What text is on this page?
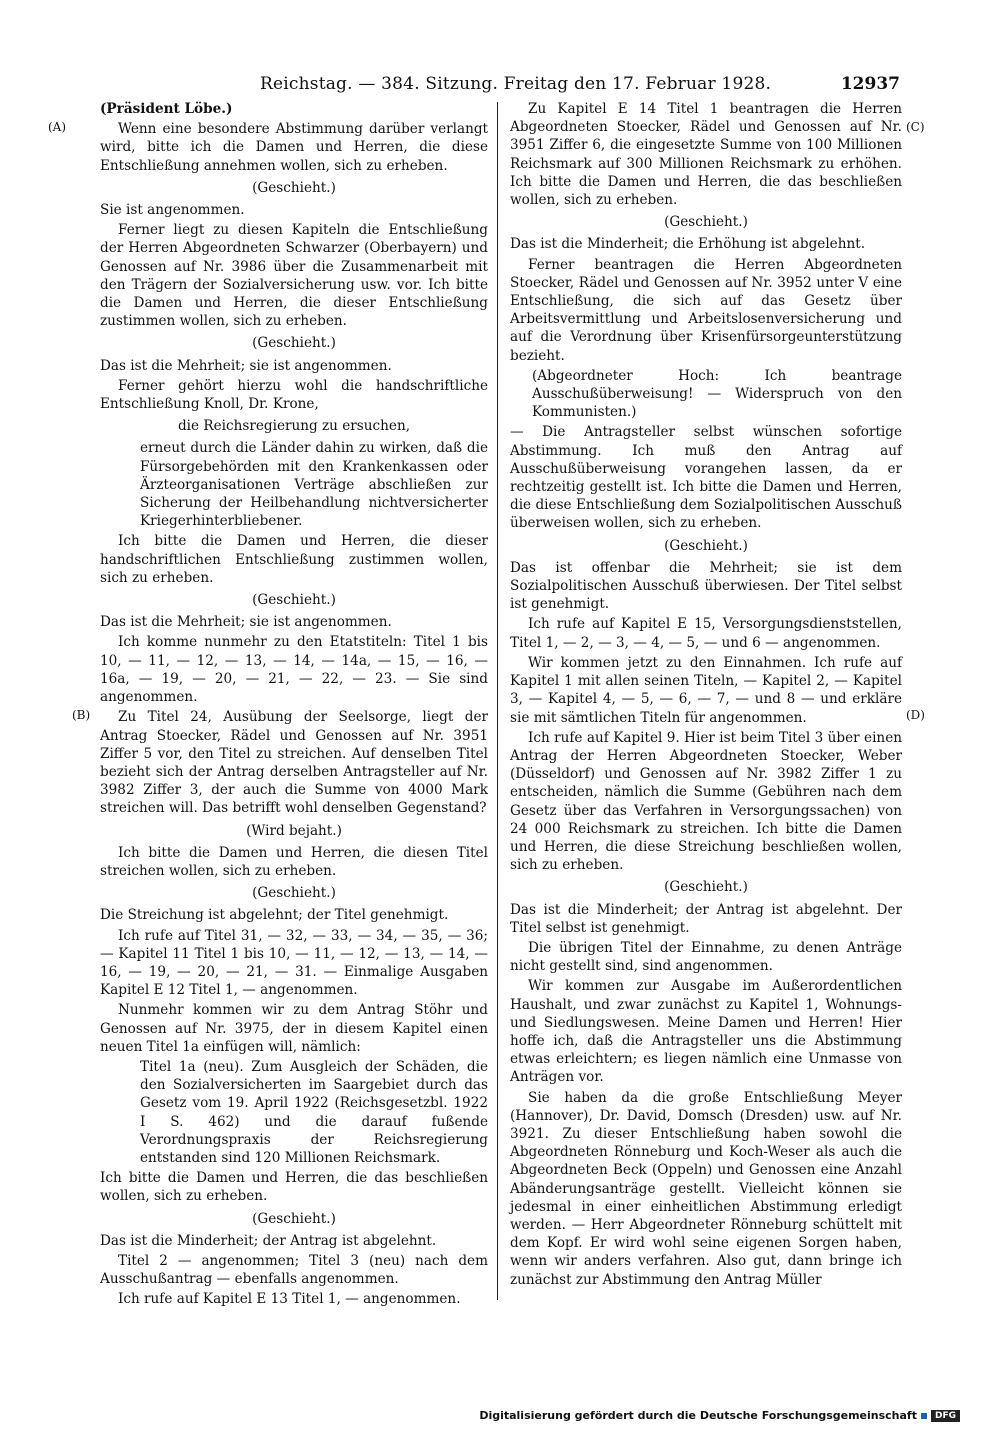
Reichstag. — 384. Sitzung. Freitag den 17. Februar 1928.	12937
(A)
(B)
(C)
(D)

(Präsident Löbe.)

Wenn eine besondere Abstimmung darüber verlangt wird, bitte ich die Damen und Herren, die diese Entschließung annehmen wollen, sich zu erheben.

(Geschieht.)

Sie ist angenommen.

Ferner liegt zu diesen Kapiteln die Entschließung der Herren Abgeordneten Schwarzer (Oberbayern) und Genossen auf Nr. 3986 über die Zusammenarbeit mit den Trägern der Sozialversicherung usw. vor. Ich bitte die Damen und Herren, die dieser Entschließung zustimmen wollen, sich zu erheben.

(Geschieht.)

Das ist die Mehrheit; sie ist angenommen.

Ferner gehört hierzu wohl die handschriftliche Entschließung Knoll, Dr. Krone,

die Reichsregierung zu ersuchen,

erneut durch die Länder dahin zu wirken, daß die Fürsorgebehörden mit den Krankenkassen oder Ärzteorganisationen Verträge abschließen zur Sicherung der Heilbehandlung nichtversicherter Kriegerhinterbliebener.

Ich bitte die Damen und Herren, die dieser handschriftlichen Entschließung zustimmen wollen, sich zu erheben.

(Geschieht.)

Das ist die Mehrheit; sie ist angenommen.

Ich komme nunmehr zu den Etatstiteln: Titel 1 bis 10, — 11, — 12, — 13, — 14, — 14a, — 15, — 16, — 16a, — 19, — 20, — 21, — 22, — 23. — Sie sind angenommen.

Zu Titel 24, Ausübung der Seelsorge, liegt der Antrag Stoecker, Rädel und Genossen auf Nr. 3951 Ziffer 5 vor, den Titel zu streichen. Auf denselben Titel bezieht sich der Antrag derselben Antragsteller auf Nr. 3982 Ziffer 3, der auch die Summe von 4000 Mark streichen will. Das betrifft wohl denselben Gegenstand?

(Wird bejaht.)

Ich bitte die Damen und Herren, die diesen Titel streichen wollen, sich zu erheben.

(Geschieht.)

Die Streichung ist abgelehnt; der Titel genehmigt.

Ich rufe auf Titel 31, — 32, — 33, — 34, — 35, — 36; — Kapitel 11 Titel 1 bis 10, — 11, — 12, — 13, — 14, — 16, — 19, — 20, — 21, — 31. — Einmalige Ausgaben Kapitel E 12 Titel 1, — angenommen.

Nunmehr kommen wir zu dem Antrag Stöhr und Genossen auf Nr. 3975, der in diesem Kapitel einen neuen Titel 1a einfügen will, nämlich:

Titel 1a (neu). Zum Ausgleich der Schäden, die den Sozialversicherten im Saargebiet durch das Gesetz vom 19. April 1922 (Reichsgesetzbl. 1922 I S. 462) und die darauf fußende Verordnungspraxis der Reichsregierung entstanden sind 120 Millionen Reichsmark.

Ich bitte die Damen und Herren, die das beschließen wollen, sich zu erheben.

(Geschieht.)

Das ist die Minderheit; der Antrag ist abgelehnt.

Titel 2 — angenommen; Titel 3 (neu) nach dem Ausschußantrag — ebenfalls angenommen.

Ich rufe auf Kapitel E 13 Titel 1, — angenommen.

Zu Kapitel E 14 Titel 1 beantragen die Herren Abgeordneten Stoecker, Rädel und Genossen auf Nr. 3951 Ziffer 6, die eingesetzte Summe von 100 Millionen Reichsmark auf 300 Millionen Reichsmark zu erhöhen. Ich bitte die Damen und Herren, die das beschließen wollen, sich zu erheben.

(Geschieht.)

Das ist die Minderheit; die Erhöhung ist abgelehnt.

Ferner beantragen die Herren Abgeordneten Stoecker, Rädel und Genossen auf Nr. 3952 unter V eine Entschließung, die sich auf das Gesetz über Arbeitsvermittlung und Arbeitslosenversicherung und auf die Verordnung über Krisenfürsorgeunterstützung bezieht.

(Abgeordneter Hoch: Ich beantrage Ausschußüberweisung! — Widerspruch von den Kommunisten.)

— Die Antragsteller selbst wünschen sofortige Abstimmung. Ich muß den Antrag auf Ausschußüberweisung vorangehen lassen, da er rechtzeitig gestellt ist. Ich bitte die Damen und Herren, die diese Entschließung dem Sozialpolitischen Ausschuß überweisen wollen, sich zu erheben.

(Geschieht.)

Das ist offenbar die Mehrheit; sie ist dem Sozialpolitischen Ausschuß überwiesen. Der Titel selbst ist genehmigt.

Ich rufe auf Kapitel E 15, Versorgungsdienststellen, Titel 1, — 2, — 3, — 4, — 5, — und 6 — angenommen.

Wir kommen jetzt zu den Einnahmen. Ich rufe auf Kapitel 1 mit allen seinen Titeln, — Kapitel 2, — Kapitel 3, — Kapitel 4, — 5, — 6, — 7, — und 8 — und erkläre sie mit sämtlichen Titeln für angenommen.

Ich rufe auf Kapitel 9. Hier ist beim Titel 3 über einen Antrag der Herren Abgeordneten Stoecker, Weber (Düsseldorf) und Genossen auf Nr. 3982 Ziffer 1 zu entscheiden, nämlich die Summe (Gebühren nach dem Gesetz über das Verfahren in Versorgungssachen) von 24 000 Reichsmark zu streichen. Ich bitte die Damen und Herren, die diese Streichung beschließen wollen, sich zu erheben.

(Geschieht.)

Das ist die Minderheit; der Antrag ist abgelehnt. Der Titel selbst ist genehmigt.

Die übrigen Titel der Einnahme, zu denen Anträge nicht gestellt sind, sind angenommen.

Wir kommen zur Ausgabe im Außerordentlichen Haushalt, und zwar zunächst zu Kapitel 1, Wohnungs- und Siedlungswesen. Meine Damen und Herren! Hier hoffe ich, daß die Antragsteller uns die Abstimmung etwas erleichtern; es liegen nämlich eine Unmasse von Anträgen vor.

Sie haben da die große Entschließung Meyer (Hannover), Dr. David, Domsch (Dresden) usw. auf Nr. 3921. Zu dieser Entschließung haben sowohl die Abgeordneten Rönneburg und Koch-Weser als auch die Abgeordneten Beck (Oppeln) und Genossen eine Anzahl Abänderungsanträge gestellt. Vielleicht können sie jedesmal in einer einheitlichen Abstimmung erledigt werden. — Herr Abgeordneter Rönneburg schüttelt mit dem Kopf. Er wird wohl seine eigenen Sorgen haben, wenn wir anders verfahren. Also gut, dann bringe ich zunächst zur Abstimmung den Antrag Müller

Digitalisierung gefördert durch die Deutsche Forschungsgemeinschaft	DFG
